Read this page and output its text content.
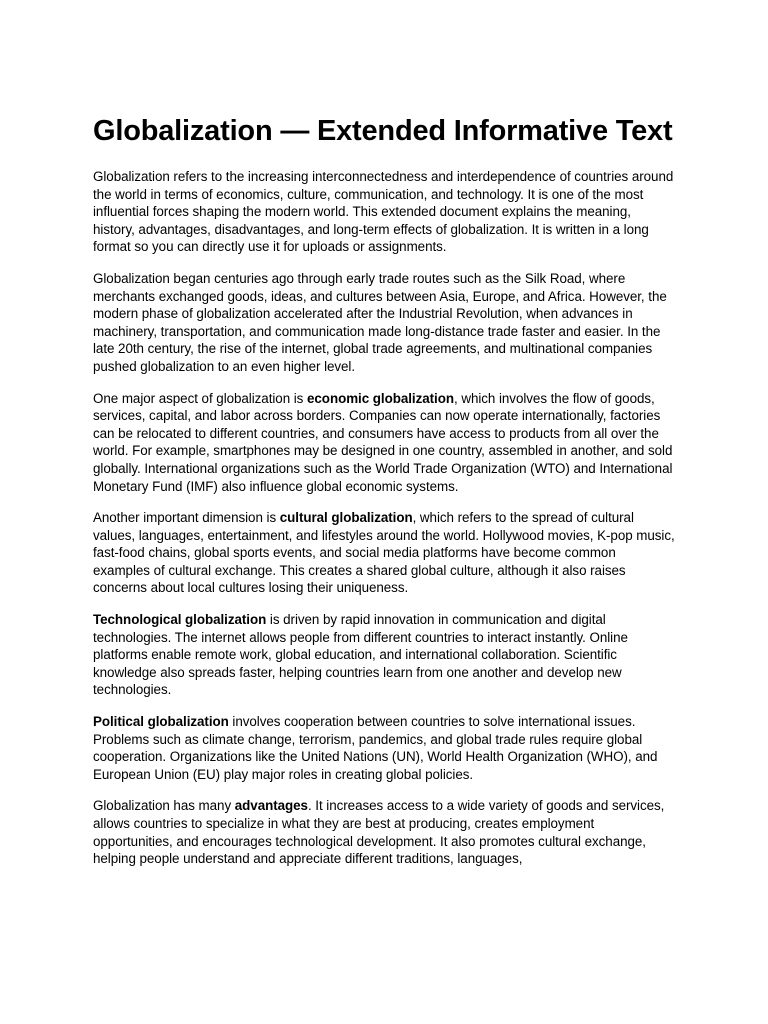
Globalization — Extended Informative Text

Globalization refers to the increasing interconnectedness and interdependence of countries around the world in terms of economics, culture, communication, and technology. It is one of the most influential forces shaping the modern world. This extended document explains the meaning, history, advantages, disadvantages, and long-term effects of globalization. It is written in a long format so you can directly use it for uploads or assignments.

Globalization began centuries ago through early trade routes such as the Silk Road, where merchants exchanged goods, ideas, and cultures between Asia, Europe, and Africa. However, the modern phase of globalization accelerated after the Industrial Revolution, when advances in machinery, transportation, and communication made long-distance trade faster and easier. In the late 20th century, the rise of the internet, global trade agreements, and multinational companies pushed globalization to an even higher level.

One major aspect of globalization is economic globalization, which involves the flow of goods, services, capital, and labor across borders. Companies can now operate internationally, factories can be relocated to different countries, and consumers have access to products from all over the world. For example, smartphones may be designed in one country, assembled in another, and sold globally. International organizations such as the World Trade Organization (WTO) and International Monetary Fund (IMF) also influence global economic systems.

Another important dimension is cultural globalization, which refers to the spread of cultural values, languages, entertainment, and lifestyles around the world. Hollywood movies, K-pop music, fast-food chains, global sports events, and social media platforms have become common examples of cultural exchange. This creates a shared global culture, although it also raises concerns about local cultures losing their uniqueness.

Technological globalization is driven by rapid innovation in communication and digital technologies. The internet allows people from different countries to interact instantly. Online platforms enable remote work, global education, and international collaboration. Scientific knowledge also spreads faster, helping countries learn from one another and develop new technologies.

Political globalization involves cooperation between countries to solve international issues. Problems such as climate change, terrorism, pandemics, and global trade rules require global cooperation. Organizations like the United Nations (UN), World Health Organization (WHO), and European Union (EU) play major roles in creating global policies.

Globalization has many advantages. It increases access to a wide variety of goods and services, allows countries to specialize in what they are best at producing, creates employment opportunities, and encourages technological development. It also promotes cultural exchange, helping people understand and appreciate different traditions, languages,
